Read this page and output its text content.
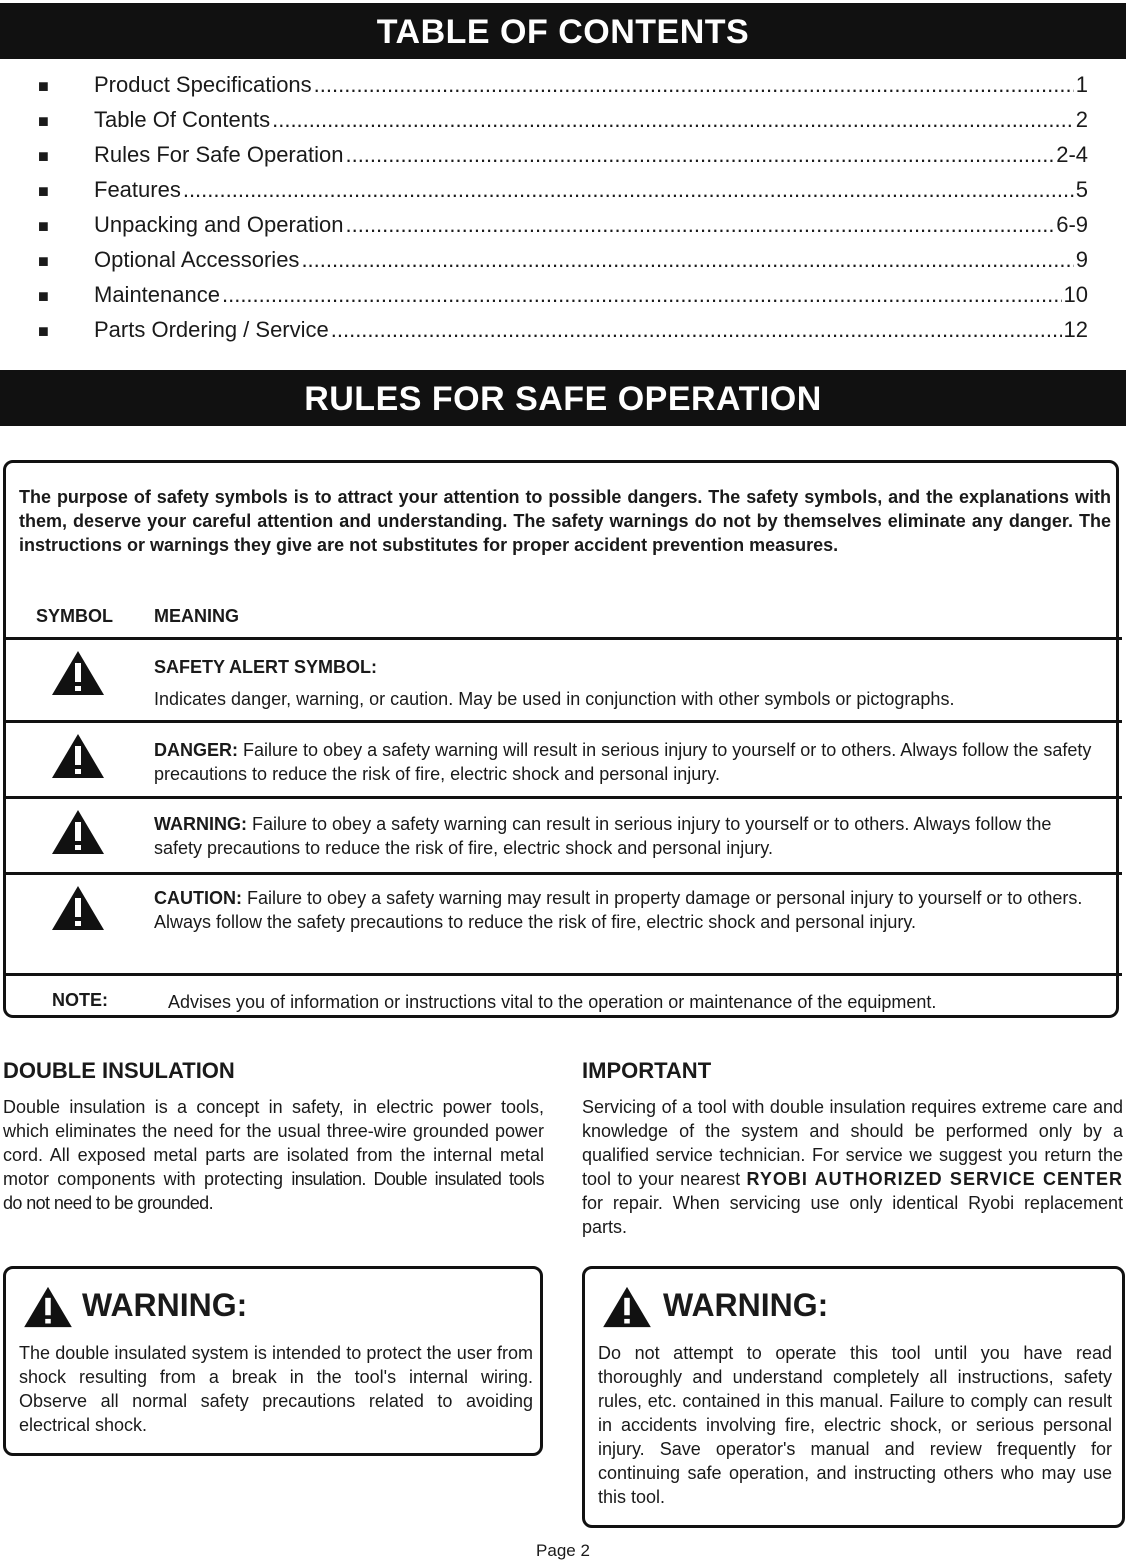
TABLE OF CONTENTS
■	Product Specifications .....	1
■	Table Of Contents .....	2
■	Rules For Safe Operation .....	2-4
■	Features .....	5
■	Unpacking and Operation .....	6-9
■	Optional Accessories .....	9
■	Maintenance .....	10
■	Parts Ordering / Service .....	12
RULES FOR SAFE OPERATION
The purpose of safety symbols is to attract your attention to possible dangers. The safety symbols, and the explanations with them, deserve your careful attention and understanding. The safety warnings do not by themselves eliminate any danger. The instructions or warnings they give are not substitutes for proper accident prevention measures.
SYMBOL MEANING
SAFETY ALERT SYMBOL:
Indicates danger, warning, or caution. May be used in conjunction with other symbols or pictographs.
DANGER: Failure to obey a safety warning will result in serious injury to yourself or to others. Always follow the safety precautions to reduce the risk of fire, electric shock and personal injury.
WARNING: Failure to obey a safety warning can result in serious injury to yourself or to others. Always follow the safety precautions to reduce the risk of fire, electric shock and personal injury.
CAUTION: Failure to obey a safety warning may result in property damage or personal injury to yourself or to others. Always follow the safety precautions to reduce the risk of fire, electric shock and personal injury.
NOTE:	Advises you of information or instructions vital to the operation or maintenance of the equipment.
DOUBLE INSULATION
Double insulation is a concept in safety, in electric power tools, which eliminates the need for the usual three-wire grounded power cord. All exposed metal parts are isolated from the internal metal motor components with protecting insulation. Double insulated tools do not need to be grounded.
IMPORTANT
Servicing of a tool with double insulation requires extreme care and knowledge of the system and should be performed only by a qualified service technician. For service we suggest you return the tool to your nearest RYOBI AUTHORIZED SERVICE CENTER for repair. When servicing use only identical Ryobi replacement parts.
WARNING:
The double insulated system is intended to protect the user from shock resulting from a break in the tool's internal wiring. Observe all normal safety precautions related to avoiding electrical shock.
WARNING:
Do not attempt to operate this tool until you have read thoroughly and understand completely all instructions, safety rules, etc. contained in this manual. Failure to comply can result in accidents involving fire, electric shock, or serious personal injury. Save operator's manual and review frequently for continuing safe operation, and instructing others who may use this tool.
Page 2
